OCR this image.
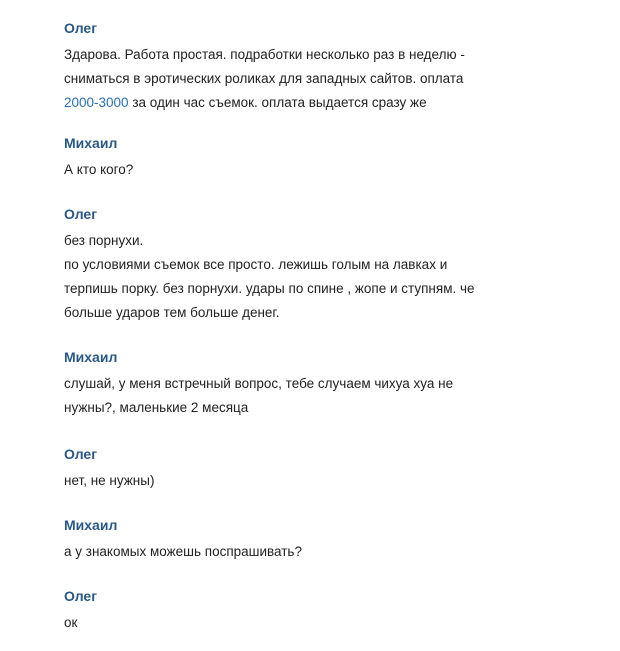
Олег
Здарова. Работа простая. подработки несколько раз в неделю -
сниматься в эротических роликах для западных сайтов. оплата
2000-3000 за один час съемок. оплата выдается сразу же
Михаил
А кто кого?
Олег
без порнухи.
по условиями съемок все просто. лежишь голым на лавках и
терпишь порку. без порнухи. удары по спине , жопе и ступням. че
больше ударов тем больше денег.
Михаил
слушай, у меня встречный вопрос, тебе случаем чихуа хуа не
нужны?, маленькие 2 месяца
Олег
нет, не нужны)
Михаил
а у знакомых можешь поспрашивать?
Олег
ок
